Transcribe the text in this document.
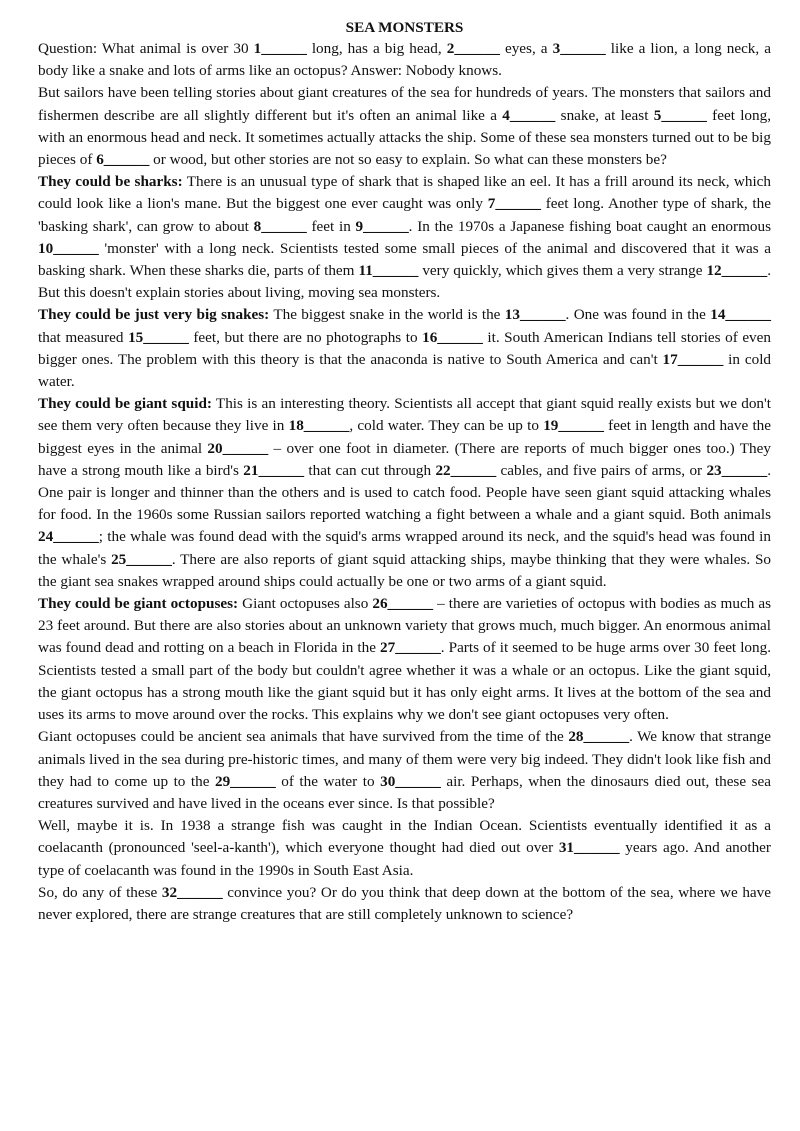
SEA MONSTERS

Question: What animal is over 30 1______ long, has a big head, 2______ eyes, a 3______ like a lion, a long neck, a body like a snake and lots of arms like an octopus? Answer: Nobody knows.

But sailors have been telling stories about giant creatures of the sea for hundreds of years. The monsters that sailors and fishermen describe are all slightly different but it's often an animal like a 4______ snake, at least 5______ feet long, with an enormous head and neck. It sometimes actually attacks the ship. Some of these sea monsters turned out to be big pieces of 6______ or wood, but other stories are not so easy to explain. So what can these monsters be?

They could be sharks: There is an unusual type of shark that is shaped like an eel. It has a frill around its neck, which could look like a lion's mane. But the biggest one ever caught was only 7______ feet long. Another type of shark, the 'basking shark', can grow to about 8______ feet in 9______. In the 1970s a Japanese fishing boat caught an enormous 10______ 'monster' with a long neck. Scientists tested some small pieces of the animal and discovered that it was a basking shark. When these sharks die, parts of them 11______ very quickly, which gives them a very strange 12______. But this doesn't explain stories about living, moving sea monsters.

They could be just very big snakes: The biggest snake in the world is the 13______. One was found in the 14______ that measured 15______ feet, but there are no photographs to 16______ it. South American Indians tell stories of even bigger ones. The problem with this theory is that the anaconda is native to South America and can't 17______ in cold water.

They could be giant squid: This is an interesting theory. Scientists all accept that giant squid really exists but we don't see them very often because they live in 18______, cold water. They can be up to 19______ feet in length and have the biggest eyes in the animal 20______ – over one foot in diameter. (There are reports of much bigger ones too.) They have a strong mouth like a bird's 21______ that can cut through 22______ cables, and five pairs of arms, or 23______. One pair is longer and thinner than the others and is used to catch food. People have seen giant squid attacking whales for food. In the 1960s some Russian sailors reported watching a fight between a whale and a giant squid. Both animals 24______; the whale was found dead with the squid's arms wrapped around its neck, and the squid's head was found in the whale's 25______. There are also reports of giant squid attacking ships, maybe thinking that they were whales. So the giant sea snakes wrapped around ships could actually be one or two arms of a giant squid.

They could be giant octopuses: Giant octopuses also 26______ – there are varieties of octopus with bodies as much as 23 feet around. But there are also stories about an unknown variety that grows much, much bigger. An enormous animal was found dead and rotting on a beach in Florida in the 27______. Parts of it seemed to be huge arms over 30 feet long. Scientists tested a small part of the body but couldn't agree whether it was a whale or an octopus. Like the giant squid, the giant octopus has a strong mouth like the giant squid but it has only eight arms. It lives at the bottom of the sea and uses its arms to move around over the rocks. This explains why we don't see giant octopuses very often.

Giant octopuses could be ancient sea animals that have survived from the time of the 28______. We know that strange animals lived in the sea during pre-historic times, and many of them were very big indeed. They didn't look like fish and they had to come up to the 29______ of the water to 30______ air. Perhaps, when the dinosaurs died out, these sea creatures survived and have lived in the oceans ever since. Is that possible?

Well, maybe it is. In 1938 a strange fish was caught in the Indian Ocean. Scientists eventually identified it as a coelacanth (pronounced 'seel-a-kanth'), which everyone thought had died out over 31______ years ago. And another type of coelacanth was found in the 1990s in South East Asia.

So, do any of these 32______ convince you? Or do you think that deep down at the bottom of the sea, where we have never explored, there are strange creatures that are still completely unknown to science?
